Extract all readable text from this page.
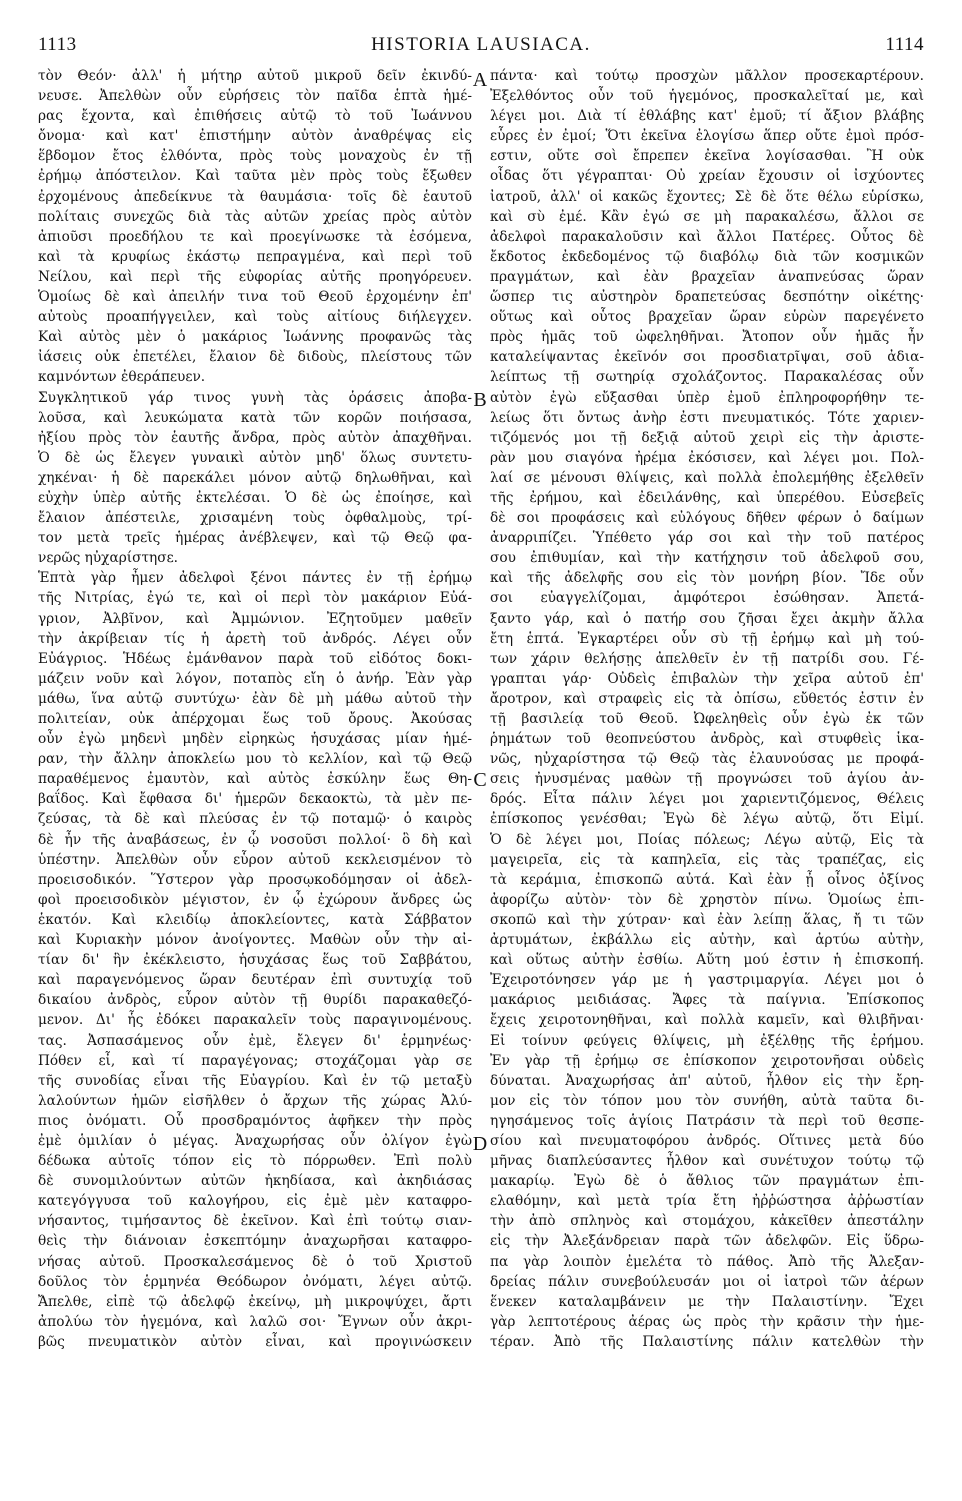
1113	HISTORIA LAUSIACA.	1114
τὸν Θεόν· ἀλλ' ἡ μήτηρ αὐτοῦ μικροῦ δεῖν ἐκινδύ-
νευσε. Ἀπελθὼν οὖν εὑρήσεις τὸν παῖδα ἑπτὰ ἡμέ-
ρας ἔχοντα, καὶ ἐπιθήσεις αὐτῷ τὸ τοῦ Ἰωάννου
ὄνομα· καὶ κατ' ἐπιστήμην αὐτὸν ἀναθρέψας εἰς
ἕβδομον ἔτος ἐλθόντα, πρὸς τοὺς μοναχοὺς ἐν τῇ
ἐρήμῳ ἀπόστειλον. Καὶ ταῦτα μὲν πρὸς τοὺς ἔξωθεν
ἐρχομένους ἀπεδείκνυε τὰ θαυμάσια· τοῖς δὲ ἑαυτοῦ
πολίταις συνεχῶς διὰ τὰς αὐτῶν χρείας πρὸς αὐτὸν
ἀπιοῦσι προεδήλου τε καὶ προεγίνωσκε τὰ ἐσόμενα,
καὶ τὰ κρυφίως ἑκάστῳ πεπραγμένα, καὶ περὶ τοῦ
Νείλου, καὶ περὶ τῆς εὐφορίας αὐτῆς προηγόρευεν.
Ὁμοίως δὲ καὶ ἀπειλήν τινα τοῦ Θεοῦ ἐρχομένην ἐπ'
αὐτοὺς προαπήγγειλεν, καὶ τοὺς αἰτίους διήλεγχεν.
Καὶ αὐτὸς μὲν ὁ μακάριος Ἰωάννης προφανῶς τὰς
ἰάσεις οὐκ ἐπετέλει, ἔλαιον δὲ διδοὺς, πλείστους τῶν
καμνόντων ἐθεράπευεν.
Συγκλητικοῦ γάρ τινος γυνὴ τὰς ὁράσεις ἀποβα-
λοῦσα, καὶ λευκώματα κατὰ τῶν κορῶν ποιήσασα,
ἠξίου πρὸς τὸν ἑαυτῆς ἄνδρα, πρὸς αὐτὸν ἀπαχθῆναι.
Ὁ δὲ ὡς ἔλεγεν γυναικὶ αὐτὸν μηδ' ὅλως συντετυ-
χηκέναι· ἡ δὲ παρεκάλει μόνον αὐτῷ δηλωθῆναι, καὶ
εὐχὴν ὑπὲρ αὐτῆς ἐκτελέσαι. Ὁ δὲ ὡς ἐποίησε, καὶ
ἔλαιον ἀπέστειλε, χρισαμένη τοὺς ὀφθαλμοὺς, τρί-
τον μετὰ τρεῖς ἡμέρας ἀνέβλεψεν, καὶ τῷ Θεῷ φα-
νερῶς ηὐχαρίστησε.
Ἑπτὰ γὰρ ἦμεν ἀδελφοὶ ξένοι πάντες ἐν τῇ ἐρήμῳ
τῆς Νιτρίας, ἐγώ τε, καὶ οἱ περὶ τὸν μακάριον Εὐά-
γριον, Ἀλβῖνον, καὶ Ἀμμώνιον. Ἐζητοῦμεν μαθεῖν
τὴν ἀκρίβειαν τίς ἡ ἀρετὴ τοῦ ἀνδρός. Λέγει οὖν
Εὐάγριος. Ἡδέως ἐμάνθανον παρὰ τοῦ εἰδότος δοκι-
μάζειν νοῦν καὶ λόγον, ποταπὸς εἴη ὁ ἀνήρ. Ἐὰν γὰρ
μάθω, ἵνα αὐτῷ συντύχω· ἐὰν δὲ μὴ μάθω αὐτοῦ τὴν
πολιτείαν, οὐκ ἀπέρχομαι ἕως τοῦ ὄρους. Ἀκούσας
οὖν ἐγὼ μηδενὶ μηδὲν εἰρηκὼς ἡσυχάσας μίαν ἡμέ-
ραν, τὴν ἄλλην ἀποκλείω μου τὸ κελλίον, καὶ τῷ Θεῷ
παραθέμενος ἐμαυτὸν, καὶ αὐτὸς ἐσκύλην ἕως Θη-
βαΐδος. Καὶ ἔφθασα δι' ἡμερῶν δεκαοκτὼ, τὰ μὲν πε-
ζεύσας, τὰ δὲ καὶ πλεύσας ἐν τῷ ποταμῷ· ὁ καιρὸς
δὲ ἦν τῆς ἀναβάσεως, ἐν ᾧ νοσοῦσι πολλοί· ὃ δὴ καὶ
ὑπέστην. Ἀπελθὼν οὖν εὗρον αὐτοῦ κεκλεισμένον τὸ
προεισοδικόν. Ὕστερον γὰρ προσῳκοδόμησαν οἱ ἀδελ-
φοὶ προεισοδικὸν μέγιστον, ἐν ᾧ ἐχώρουν ἄνδρες ὡς
ἑκατόν. Καὶ κλειδίῳ ἀποκλείοντες, κατὰ Σάββατον
καὶ Κυριακὴν μόνον ἀνοίγοντες. Μαθὼν οὖν τὴν αἰ-
τίαν δι' ἣν ἐκέκλειστο, ἡσυχάσας ἕως τοῦ Σαββάτου,
καὶ παραγενόμενος ὥραν δευτέραν ἐπὶ συντυχίᾳ τοῦ
δικαίου ἀνδρὸς, εὗρον αὐτὸν τῇ θυρίδι παρακαθεζό-
μενον. Δι' ἧς ἐδόκει παρακαλεῖν τοὺς παραγινομένους.
τας. Ἀσπασάμενος οὖν ἐμὲ, ἔλεγεν δι' ἑρμηνέως·
Πόθεν εἶ, καὶ τί παραγέγονας; στοχάζομαι γὰρ σε
τῆς συνοδίας εἶναι τῆς Εὐαγρίου. Καὶ ἐν τῷ μεταξὺ
λαλούντων ἡμῶν εἰσῆλθεν ὁ ἄρχων τῆς χώρας Ἀλύ-
πιος ὀνόματι. Οὗ προσδραμόντος ἀφῆκεν τὴν πρὸς
ἐμὲ ὁμιλίαν ὁ μέγας. Ἀναχωρήσας οὖν ὀλίγον ἐγὼ
δέδωκα αὐτοῖς τόπον εἰς τὸ πόρρωθεν. Ἐπὶ πολὺ
δὲ συνομιλούντων αὐτῶν ἠκηδίασα, καὶ ἀκηδιάσας
κατεγόγγυσα τοῦ καλογήρου, εἰς ἐμὲ μὲν καταφρο-
νήσαντος, τιμήσαντος δὲ ἐκεῖνον. Καὶ ἐπὶ τούτῳ σιαν-
θεὶς τὴν διάνοιαν ἐσκεπτόμην ἀναχωρῆσαι καταφρο-
νήσας αὐτοῦ. Προσκαλεσάμενος δὲ ὁ τοῦ Χριστοῦ
δοῦλος τὸν ἑρμηνέα Θεόδωρον ὀνόματι, λέγει αὐτῷ.
Ἄπελθε, εἰπὲ τῷ ἀδελφῷ ἐκείνῳ, μὴ μικροψύχει, ἄρτι
ἀπολύω τὸν ἡγεμόνα, καὶ λαλῶ σοι· Ἔγνων οὖν ἀκρι-
βῶς πνευματικὸν αὐτὸν εἶναι, καὶ προγινώσκειν
A
B
C
D
πάντα· καὶ τούτῳ προσχὼν μᾶλλον προσεκαρτέρουν.
Ἐξελθόντος οὖν τοῦ ἡγεμόνος, προσκαλεῖταί με, καὶ
λέγει μοι. Διὰ τί ἐθλάβης κατ' ἐμοῦ; τί ἄξιον βλάβης
εὗρες ἐν ἐμοί; Ὅτι ἐκεῖνα ἐλογίσω ἅπερ οὔτε ἐμοὶ πρόσ-
εστιν, οὔτε σοὶ ἔπρεπεν ἐκεῖνα λογίσασθαι. Ἢ οὐκ
οἶδας ὅτι γέγραπται· Οὐ χρείαν ἔχουσιν οἱ ἰσχύοντες
ἰατροῦ, ἀλλ' οἱ κακῶς ἔχοντες; Σὲ δὲ ὅτε θέλω εὑρίσκω,
καὶ σὺ ἐμέ. Κἂν ἐγώ σε μὴ παρακαλέσω, ἄλλοι σε
ἀδελφοὶ παρακαλοῦσιν καὶ ἄλλοι Πατέρες. Οὗτος δὲ
ἔκδοτος ἐκδεδομένος τῷ διαβόλῳ διὰ τῶν κοσμικῶν
πραγμάτων, καὶ ἐὰν βραχεῖαν ἀναπνεύσας ὥραν
ὥσπερ τις αὐστηρὸν δραπετεύσας δεσπότην οἰκέτης·
οὕτως καὶ οὗτος βραχεῖαν ὥραν εὑρὼν παρεγένετο
πρὸς ἡμᾶς τοῦ ὠφεληθῆναι. Ἄτοπον οὖν ἡμᾶς ἦν
καταλείψαντας ἐκεῖνόν σοι προσδιατρῖψαι, σοῦ ἀδια-
λείπτως τῇ σωτηρίᾳ σχολάζοντος. Παρακαλέσας οὖν
αὐτὸν ἐγὼ εὔξασθαι ὑπὲρ ἐμοῦ ἐπληροφορήθην τε-
λείως ὅτι ὄντως ἀνὴρ ἐστι πνευματικός. Τότε χαριεν-
τιζόμενός μοι τῇ δεξιᾷ αὐτοῦ χειρὶ εἰς τὴν ἀριστε-
ρὰν μου σιαγόνα ἠρέμα ἐκόσισεν, καὶ λέγει μοι. Πολ-
λαί σε μένουσι θλίψεις, καὶ πολλὰ ἐπολεμήθης ἐξελθεῖν
τῆς ἐρήμου, καὶ ἐδειλάνθης, καὶ ὑπερέθου. Εὐσεβεῖς
δὲ σοι προφάσεις καὶ εὐλόγους δῆθεν φέρων ὁ δαίμων
ἀναρριπίζει. Ὑπέθετο γάρ σοι καὶ τὴν τοῦ πατέρος
σου ἐπιθυμίαν, καὶ τὴν κατήχησιν τοῦ ἀδελφοῦ σου,
καὶ τῆς ἀδελφῆς σου εἰς τὸν μονήρη βίον. Ἴδε οὖν
σοι εὐαγγελίζομαι, ἀμφότεροι ἐσώθησαν. Ἀπετά-
ξαντο γάρ, καὶ ὁ πατήρ σου ζῆσαι ἔχει ἀκμὴν ἄλλα
ἔτη ἑπτά. Ἐγκαρτέρει οὖν σὺ τῇ ἐρήμῳ καὶ μὴ τού-
των χάριν θελήσῃς ἀπελθεῖν ἐν τῇ πατρίδι σου. Γέ-
γραπται γάρ· Οὐδεὶς ἐπιβαλὼν τὴν χεῖρα αὐτοῦ ἐπ'
ἄροτρον, καὶ στραφεὶς εἰς τὰ ὀπίσω, εὔθετός ἐστιν ἐν
τῇ βασιλείᾳ τοῦ Θεοῦ. Ὠφεληθεὶς οὖν ἐγὼ ἐκ τῶν
ῥημάτων τοῦ θεοπνεύστου ἀνδρὸς, καὶ στυφθεὶς ἱκα-
νῶς, ηὐχαρίστησα τῷ Θεῷ τὰς ἐλαυνούσας με προφά-
σεις ἠνυσμένας μαθὼν τῇ προγνώσει τοῦ ἁγίου ἀν-
δρός. Εἶτα πάλιν λέγει μοι χαριεντιζόμενος, Θέλεις
ἐπίσκοπος γενέσθαι; Ἐγὼ δὲ λέγω αὐτῷ, ὅτι Εἰμί.
Ὁ δὲ λέγει μοι, Ποίας πόλεως; Λέγω αὐτῷ, Εἰς τὰ
μαγειρεῖα, εἰς τὰ καπηλεῖα, εἰς τὰς τραπέζας, εἰς
τὰ κεράμια, ἐπισκοπῶ αὐτά. Καὶ ἐὰν ᾖ οἶνος ὀξίνος
ἀφορίζω αὐτὸν· τὸν δὲ χρηστὸν πίνω. Ὁμοίως ἐπι-
σκοπῶ καὶ τὴν χύτραν· καὶ ἐὰν λείπῃ ἅλας, ἤ τι τῶν
ἀρτυμάτων, ἐκβάλλω εἰς αὐτὴν, καὶ ἀρτύω αὐτὴν,
καὶ οὕτως αὐτὴν ἐσθίω. Αὕτη μού ἐστιν ἡ ἐπισκοπή.
Ἐχειροτόνησεν γάρ με ἡ γαστριμαργία. Λέγει μοι ὁ
μακάριος μειδιάσας. Ἄφες τὰ παίγνια. Ἐπίσκοπος
ἔχεις χειροτονηθῆναι, καὶ πολλὰ καμεῖν, καὶ θλιβῆναι·
Εἰ τοίνυν φεύγεις θλίψεις, μὴ ἐξέλθῃς τῆς ἐρήμου.
Ἐν γὰρ τῇ ἐρήμῳ σε ἐπίσκοπον χειροτονῆσαι οὐδεὶς
δύναται. Ἀναχωρήσας ἀπ' αὐτοῦ, ἦλθον εἰς τὴν ἔρη-
μον εἰς τὸν τόπον μου τὸν συνήθη, αὐτὰ ταῦτα δι-
ηγησάμενος τοῖς ἁγίοις Πατράσιν τὰ περὶ τοῦ θεσπε-
σίου καὶ πνευματοφόρου ἀνδρός. Οἵτινες μετὰ δύο
μῆνας διαπλεύσαντες ἦλθον καὶ συνέτυχον τούτῳ τῷ
μακαρίῳ. Ἐγὼ δὲ ὁ ἄθλιος τῶν πραγμάτων ἐπι-
ελαθόμην, καὶ μετὰ τρία ἔτη ἠῤῥώστησα ἀῤῥωστίαν
τὴν ἀπὸ σπληνὸς καὶ στομάχου, κἀκεῖθεν ἀπεστάλην
εἰς τὴν Ἀλεξάνδρειαν παρὰ τῶν ἀδελφῶν. Εἰς ὕδρω-
πα γὰρ λοιπὸν ἐμελέτα τὸ πάθος. Ἀπὸ τῆς Ἀλεξαν-
δρείας πάλιν συνεβούλευσάν μοι οἱ ἰατροὶ τῶν ἀέρων
ἕνεκεν καταλαμβάνειν με τὴν Παλαιστίνην. Ἔχει
γὰρ λεπτοτέρους ἀέρας ὡς πρὸς τὴν κρᾶσιν τὴν ἡμε-
τέραν. Ἀπὸ τῆς Παλαιστίνης πάλιν κατελθὼν τὴν
